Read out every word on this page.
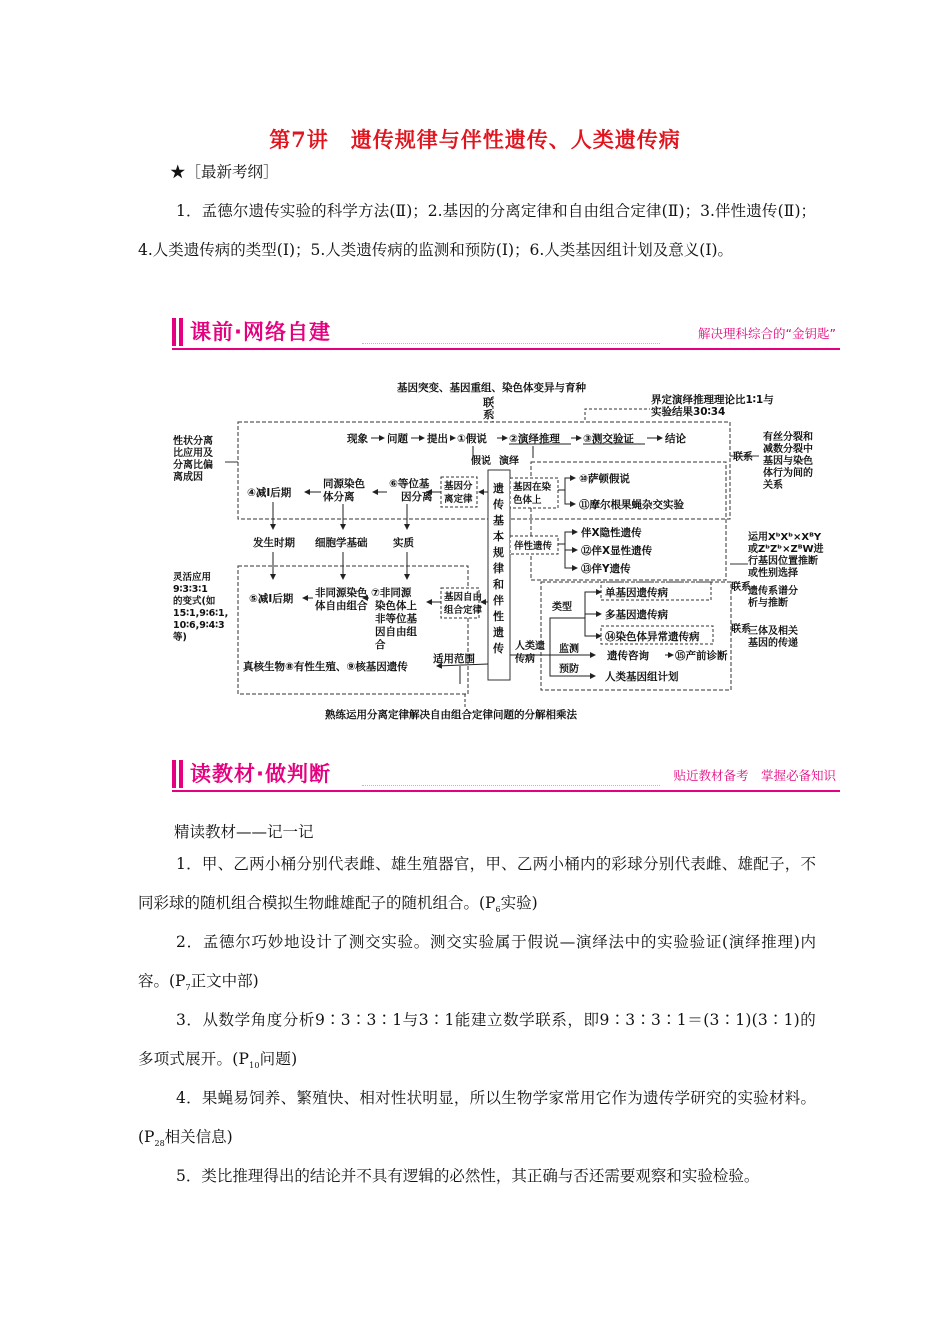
第7讲　遗传规律与伴性遗传、人类遗传病
★［最新考纲］
1．孟德尔遗传实验的科学方法(Ⅱ)；2.基因的分离定律和自由组合定律(Ⅱ)；3.伴性遗传(Ⅱ)；4.人类遗传病的类型(Ⅰ)；5.人类遗传病的监测和预防(Ⅰ)；6.人类基因组计划及意义(Ⅰ)。
课前·网络自建	解决理科综合的“金钥匙”
基因突变、基因重组、染色体变异与育种
联
系
界定演绎推理理论比1∶1与
实验结果30∶34
现象 问题 提出 ①假说 ②演绎推理 ③测交验证	结论
假说 演绎
遗
传
基
本
规
律
和
伴
性
遗
传
性状分离
比应用及
分离比偏
离成因
④减Ⅰ后期
同源染色
体分离
⑥等位基
因分离
基因分
离定律
发生时期 细胞学基础 实质
灵活应用
9∶3∶3∶1
的变式(如
15∶1,9∶6∶1,
10∶6,9∶4∶3
等)
⑤减Ⅰ后期 非同源染色
体自由组合
⑦非同源
染色体上
非等位基
因自由组
合
基因自由
组合定律
真核生物⑧有性生殖、⑨核基因遗传
适用范围
基因在染
色体上
⑩萨顿假说
⑪摩尔根果蝇杂交实验
伴性遗传
伴X隐性遗传
⑫伴X显性遗传
⑬伴Y遗传
有丝分裂和
减数分裂中
基因与染色
体行为间的
关系
联系
运用XᵇXᵇ×XᴮY
或ZᵇZᵇ×ZᴮW进
行基因位置推断
或性别选择
人类遗
传病
类型
监测
预防
单基因遗传病
多基因遗传病
⑭染色体异常遗传病
遗传咨询 ⑮产前诊断
人类基因组计划
联系
遗传系谱分
析与推断
联系
三体及相关
基因的传递
熟练运用分离定律解决自由组合定律问题的分解相乘法
读教材·做判断	贴近教材备考　掌握必备知识
精读教材——记一记
1．甲、乙两小桶分别代表雌、雄生殖器官，甲、乙两小桶内的彩球分别代表雌、雄配子，不同彩球的随机组合模拟生物雌雄配子的随机组合。($P_6$实验)
2．孟德尔巧妙地设计了测交实验。测交实验属于假说—演绎法中的实验验证(演绎推理)内容。($P_7$正文中部)
3．从数学角度分析9∶3∶3∶1与3∶1能建立数学联系，即9∶3∶3∶1＝(3∶1)(3∶1)的多项式展开。($P_{10}$问题)
4．果蝇易饲养、繁殖快、相对性状明显，所以生物学家常用它作为遗传学研究的实验材料。($P_{28}$相关信息)
5．类比推理得出的结论并不具有逻辑的必然性，其正确与否还需要观察和实验检验。
